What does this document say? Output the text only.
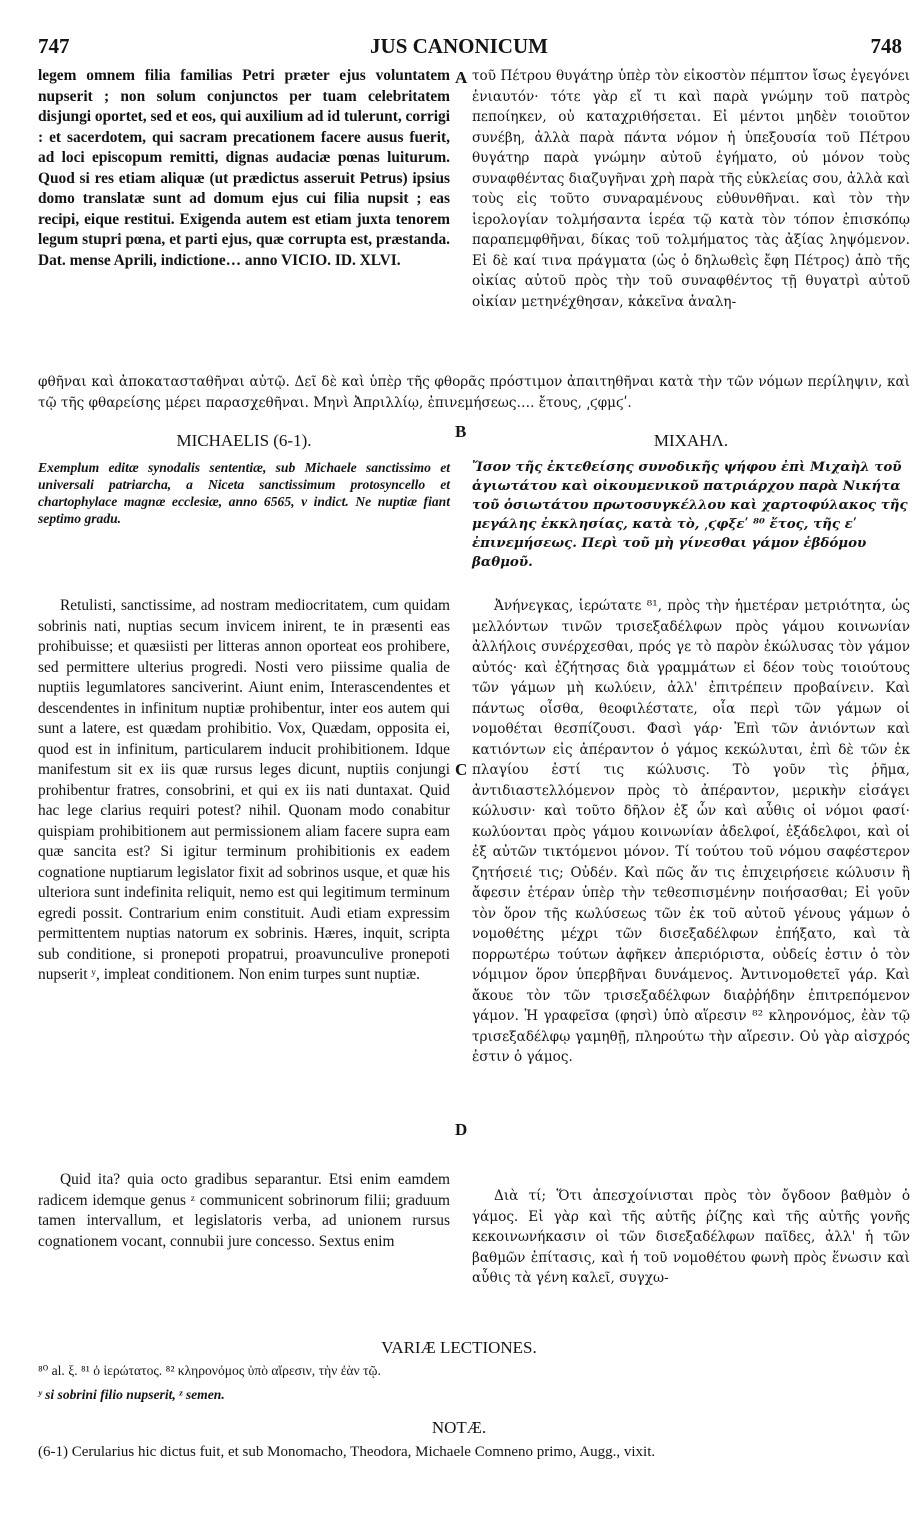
747	JUS CANONICUM	748

legem omnem filia familias Petri præter ejus voluntatem nupserit ; non solum conjunctos per tuam celebritatem disjungi oportet, sed et eos, qui auxilium ad id tulerunt, corrigi : et sacerdotem, qui sacram precationem facere ausus fuerit, ad loci episcopum remitti, dignas audaciæ pœnas luiturum. Quod si res etiam aliquæ (ut prædictus asseruit Petrus) ipsius domo translatæ sunt ad domum ejus cui filia nupsit ; eas recipi, eique restitui. Exigenda autem est etiam juxta tenorem legum stupri pœna, et parti ejus, quæ corrupta est, præstanda. Dat. mense Aprili, indictione… anno VICIO. ID. XLVI.

A τοῦ Πέτρου θυγάτηρ ὑπὲρ τὸν εἰκοστὸν πέμπτον ἴσως ἐγεγόνει ἐνιαυτόν· τότε γὰρ εἴ τι καὶ παρὰ γνώμην τοῦ πατρὸς πεποίηκεν, οὐ καταχριθήσεται. Εἰ μέντοι μηδὲν τοιοῦτον συνέβη, ἀλλὰ παρὰ πάντα νόμον ἡ ὑπεξουσία τοῦ Πέτρου θυγάτηρ παρὰ γνώμην αὐτοῦ ἐγήματο, οὐ μόνον τοὺς συναφθέντας διαζυγῆναι χρὴ παρὰ τῆς εὐκλείας σου, ἀλλὰ καὶ τοὺς εἰς τοῦτο συναραμένους εὐθυνθῆναι. καὶ τὸν τὴν ἱερολογίαν τολμήσαντα ἱερέα τῷ κατὰ τὸν τόπον ἐπισκόπῳ παραπεμφθῆναι, δίκας τοῦ τολμήματος τὰς ἀξίας ληψόμενον. Εἰ δὲ καί τινα πράγματα (ὡς ὁ δηλωθεὶς ἔφη Πέτρος) ἀπὸ τῆς οἰκίας αὐτοῦ πρὸς τὴν τοῦ συναφθέντος τῇ θυγατρὶ αὐτοῦ οἰκίαν μετηνέχθησαν, κἀκεῖνα ἀναλη-

φθῆναι καὶ ἀποκατασταθῆναι αὐτῷ. Δεῖ δὲ καὶ ὑπὲρ τῆς φθορᾶς πρόστιμον ἀπαιτηθῆναι κατὰ τὴν τῶν νόμων περίληψιν, καὶ τῷ τῆς φθαρείσης μέρει παρασχεθῆναι. Μηνὶ Ἀπριλλίῳ, ἐπινεμήσεως…. ἔτους, ͵ϛφμϛʹ.

B
MICHAELIS (6-1).	ΜΙΧΑΗΛ.

Exemplum editæ synodalis sententiæ, sub Michaele sanctissimo et universali patriarcha, a Niceta sanctissimum protosyncello et chartophylace magnæ ecclesiæ, anno 6565, v indict. Ne nuptiæ fiant septimo gradu.

Ἴσον τῆς ἐκτεθείσης συνοδικῆς ψήφου ἐπὶ Μιχαὴλ τοῦ ἁγιωτάτου καὶ οἰκουμενικοῦ πατριάρχου παρὰ Νικήτα τοῦ ὁσιωτάτου πρωτοσυγκέλλου καὶ χαρτοφύλακος τῆς μεγάλης ἐκκλησίας, κατὰ τὸ, ͵ϛφξεʹ ⁸⁰ ἔτος, τῆς εʹ ἐπινεμήσεως. Περὶ τοῦ μὴ γίνεσθαι γάμον ἑβδόμου βαθμοῦ.

Retulisti, sanctissime, ad nostram mediocritatem, cum quidam sobrinis nati, nuptias secum invicem inirent, te in præsenti eas prohibuisse; et quæsiisti per litteras annon oporteat eos prohibere, sed permittere ulterius progredi. Nosti vero piissime qualia de nuptiis legumlatores sanciverint. Aiunt enim, Interascendentes et descendentes in infinitum nuptiæ prohibentur, inter eos autem qui sunt a latere, est quædam prohibitio. Vox, Quædam, opposita ei, quod est in infinitum, particularem inducit prohibitionem. Idque manifestum sit ex iis quæ rursus leges dicunt, nuptiis conjungi prohibentur fratres, consobrini, et qui ex iis nati duntaxat. Quid hac lege clarius requiri potest? nihil. Quonam modo conabitur quispiam prohibitionem aut permissionem aliam facere supra eam quæ sancita est? Si igitur terminum prohibitionis ex eadem cognatione nuptiarum legislator fixit ad sobrinos usque, et quæ his ulteriora sunt indefinita reliquit, nemo est qui legitimum terminum egredi possit. Contrarium enim constituit. Audi etiam expressim permittentem nuptias natorum ex sobrinis. Hæres, inquit, scripta sub conditione, si pronepoti propatrui, proavunculive pronepoti nupserit ʸ, impleat conditionem. Non enim turpes sunt nuptiæ.

Quid ita? quia octo gradibus separantur. Etsi enim eamdem radicem idemque genus ᶻ communicent sobrinorum filii; graduum tamen intervallum, et legislatoris verba, ad unionem rursus cognationem vocant, connubii jure concesso. Sextus enim

C
D

Ἀνήνεγκας, ἱερώτατε ⁸¹, πρὸς τὴν ἡμετέραν μετριότητα, ὡς μελλόντων τινῶν τρισεξαδέλφων πρὸς γάμου κοινωνίαν ἀλλήλοις συνέρχεσθαι, πρός γε τὸ παρὸν ἐκώλυσας τὸν γάμον αὐτός· καὶ ἐζήτησας διὰ γραμμάτων εἰ δέον τοὺς τοιούτους τῶν γάμων μὴ κωλύειν, ἀλλ' ἐπιτρέπειν προβαίνειν. Καὶ πάντως οἶσθα, θεοφιλέστατε, οἷα περὶ τῶν γάμων οἱ νομοθέται θεσπίζουσι. Φασὶ γάρ· Ἐπὶ τῶν ἀνιόντων καὶ κατιόντων εἰς ἀπέραντον ὁ γάμος κεκώλυται, ἐπὶ δὲ τῶν ἐκ πλαγίου ἐστί τις κώλυσις. Τὸ γοῦν τὶς ῥῆμα, ἀντιδιαστελλόμενον πρὸς τὸ ἀπέραντον, μερικὴν εἰσάγει κώλυσιν· καὶ τοῦτο δῆλον ἐξ ὧν καὶ αὖθις οἱ νόμοι φασί· κωλύονται πρὸς γάμου κοινωνίαν ἀδελφοί, ἐξάδελφοι, καὶ οἱ ἐξ αὐτῶν τικτόμενοι μόνον. Τί τούτου τοῦ νόμου σαφέστερον ζητήσειέ τις; Οὐδέν. Καὶ πῶς ἄν τις ἐπιχειρήσειε κώλυσιν ἢ ἄφεσιν ἑτέραν ὑπὲρ τὴν τεθεσπισμένην ποιήσασθαι; Εἰ γοῦν τὸν ὅρον τῆς κωλύσεως τῶν ἐκ τοῦ αὐτοῦ γένους γάμων ὁ νομοθέτης μέχρι τῶν δισεξαδέλφων ἐπήξατο, καὶ τὰ πορρωτέρω τούτων ἀφῆκεν ἀπεριόριστα, οὐδείς ἐστιν ὁ τὸν νόμιμον ὅρον ὑπερβῆναι δυνάμενος. Ἀντινομοθετεῖ γάρ. Καὶ ἄκουε τὸν τῶν τρισεξαδέλφων διαῤῥήδην ἐπιτρεπόμενον γάμον. Ἡ γραφεῖσα (φησὶ) ὑπὸ αἵρεσιν ⁸² κληρονόμος, ἐὰν τῷ τρισεξαδέλφῳ γαμηθῇ, πληρούτω τὴν αἵρεσιν. Οὐ γὰρ αἰσχρός ἐστιν ὁ γάμος.

Διὰ τί; Ὅτι ἀπεσχοίνισται πρὸς τὸν ὄγδοον βαθμὸν ὁ γάμος. Εἰ γὰρ καὶ τῆς αὐτῆς ῥίζης καὶ τῆς αὐτῆς γονῆς κεκοινωνήκασιν οἱ τῶν δισεξαδέλφων παῖδες, ἀλλ' ἡ τῶν βαθμῶν ἐπίτασις, καὶ ἡ τοῦ νομοθέτου φωνὴ πρὸς ἕνωσιν καὶ αὖθις τὰ γένη καλεῖ, συγχω-

VARIÆ LECTIONES.
⁸⁰ al. ξ. ⁸¹ ὁ ἱερώτατος. ⁸² κληρονόμος ὑπὸ αἵρεσιν, τὴν ἐὰν τῷ.
ʸ si sobrini filio nupserit, ᶻ semen.
NOTÆ.

(6-1) Cerularius hic dictus fuit, et sub Monomacho, Theodora, Michaele Comneno primo, Augg., vixit.
